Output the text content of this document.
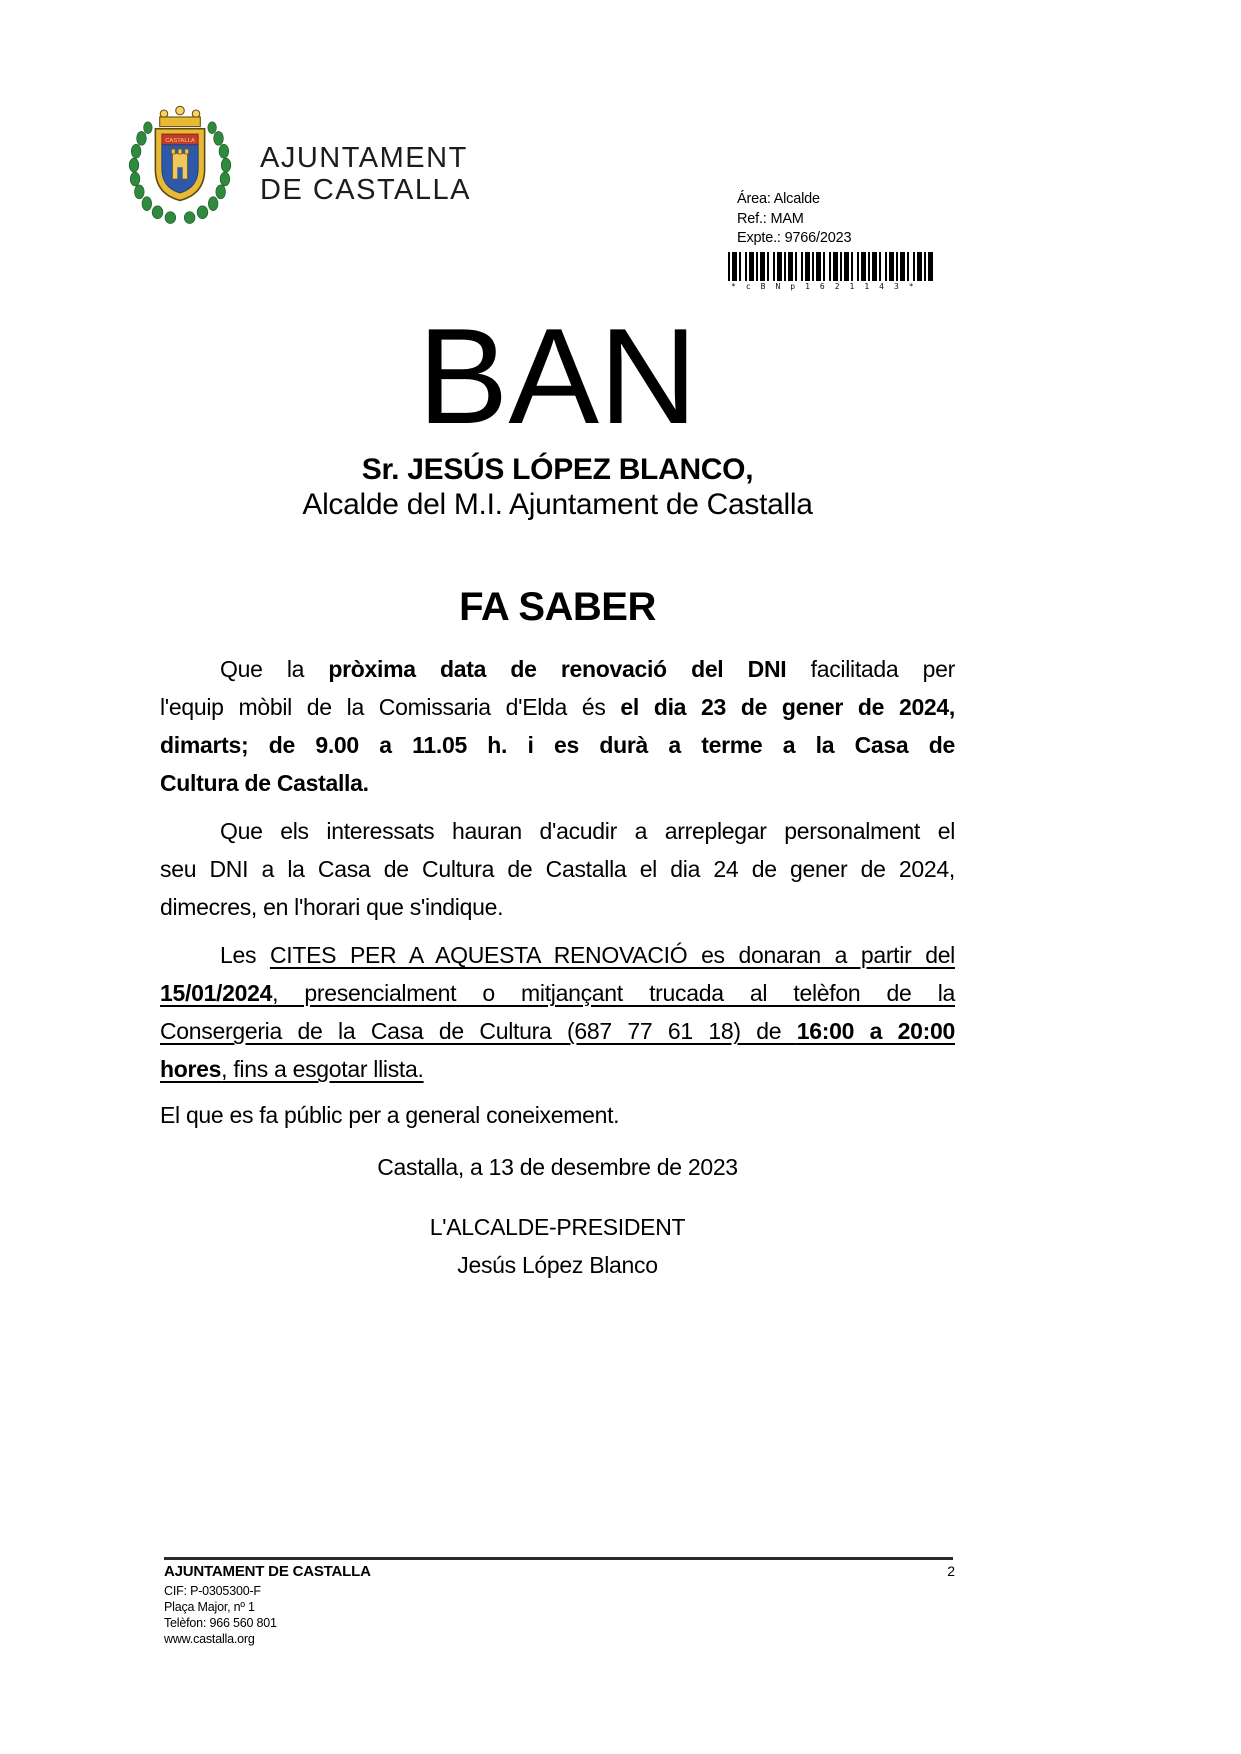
CASTALLA
AJUNTAMENT
DE CASTALLA	Área: Alcalde
Ref.: MAM
Expte.: 9766/2023
*cBNp1621143*
BAN
Sr. JESÚS LÓPEZ BLANCO,
Alcalde del M.I. Ajuntament de Castalla
FA SABER
Que la pròxima data de renovació del DNI facilitada per
l'equip mòbil de la Comissaria d'Elda és el dia 23 de gener de 2024,
dimarts; de 9.00 a 11.05 h. i es durà a terme a la Casa de
Cultura de Castalla.
Que els interessats hauran d'acudir a arreplegar personalment el
seu DNI a la Casa de Cultura de Castalla el dia 24 de gener de 2024,
dimecres, en l'horari que s'indique.
Les CITES PER A AQUESTA RENOVACIÓ es donaran a partir del
15/01/2024, presencialment o mitjançant trucada al telèfon de la
Consergeria de la Casa de Cultura (687 77 61 18) de 16:00 a 20:00
hores, fins a esgotar llista.
El que es fa públic per a general coneixement.
Castalla, a 13 de desembre de 2023
L'ALCALDE-PRESIDENT
Jesús López Blanco
AJUNTAMENT DE CASTALLA	2
CIF: P-0305300-F
Plaça Major, nº 1
Telèfon: 966 560 801
www.castalla.org
